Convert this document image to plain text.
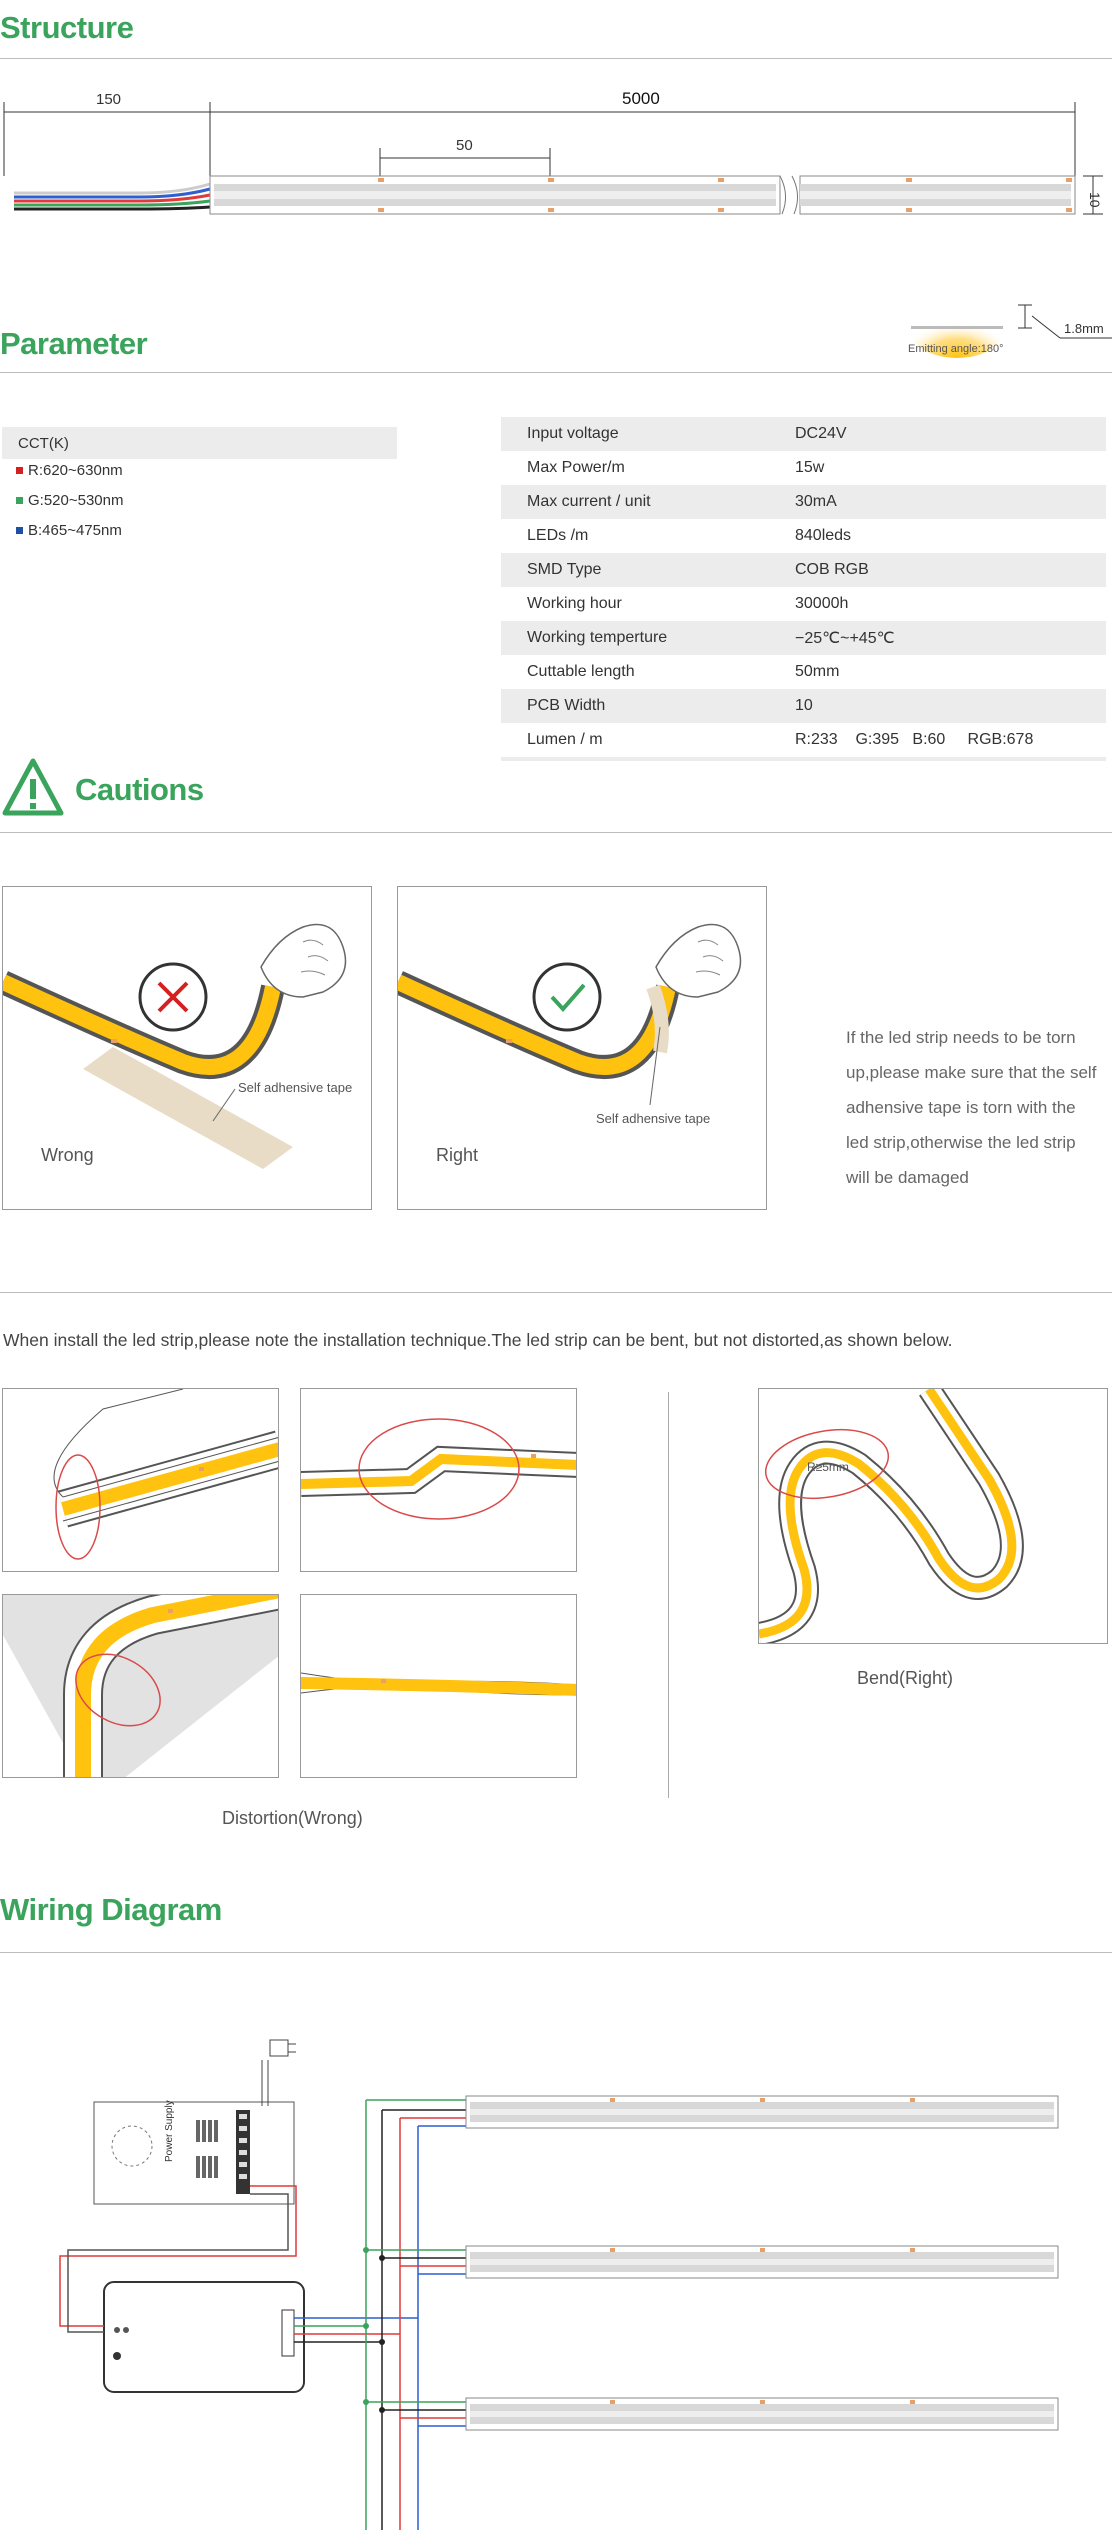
Structure
150	5000
50
10
Parameter	1.8mm
Emitting angle:180°
CCT(K)
R:620~630nm
G:520~530nm
B:465~475nm
Input voltage	DC24V
Max Power/m	15w
Max current / unit	30mA
LEDs /m	840leds
SMD Type	COB RGB
Working hour	30000h
Working temperture	−25℃~+45℃
Cuttable length	50mm
PCB Width	10
Lumen / m	R:233    G:395   B:60     RGB:678
Cautions
Self adhensive tape
Wrong
Self adhensive tape
Right
If the led strip needs to be torn
up,please make sure that the self
adhensive tape is torn with the
led strip,otherwise the led strip
will be damaged
When install the led strip,please note the installation technique.The led strip can be bent, but not distorted,as shown below.
Distortion(Wrong)
R≥5mm
Bend(Right)
Wiring Diagram
Power Supply
